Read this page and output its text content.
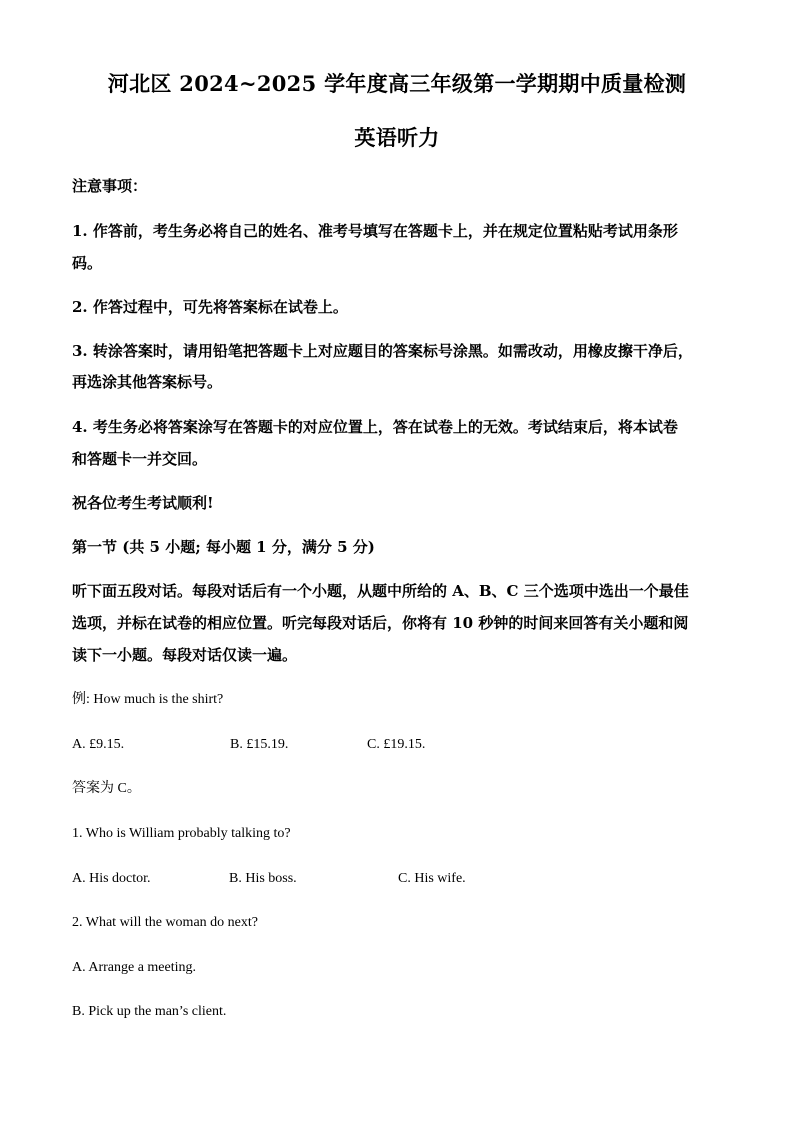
河北区 2024~2025 学年度高三年级第一学期期中质量检测
英语听力
注意事项：
1. 作答前，考生务必将自己的姓名、准考号填写在答题卡上，并在规定位置粘贴考试用条形
码。
2. 作答过程中，可先将答案标在试卷上。
3. 转涂答案时，请用铅笔把答题卡上对应题目的答案标号涂黑。如需改动，用橡皮擦干净后，
再选涂其他答案标号。
4. 考生务必将答案涂写在答题卡的对应位置上，答在试卷上的无效。考试结束后，将本试卷
和答题卡一并交回。
祝各位考生考试顺利!
第一节 (共 5 小题; 每小题 1 分，满分 5 分)
听下面五段对话。每段对话后有一个小题，从题中所给的 A、B、C 三个选项中选出一个最佳
选项，并标在试卷的相应位置。听完每段对话后，你将有 10 秒钟的时间来回答有关小题和阅
读下一小题。每段对话仅读一遍。
例: How much is the shirt?
A. £9.15.	B. £15.19.	C. £19.15.
答案为 C。
1. Who is William probably talking to?
A. His doctor.	B. His boss.	C. His wife.
2. What will the woman do next?
A. Arrange a meeting.
B. Pick up the man’s client.
